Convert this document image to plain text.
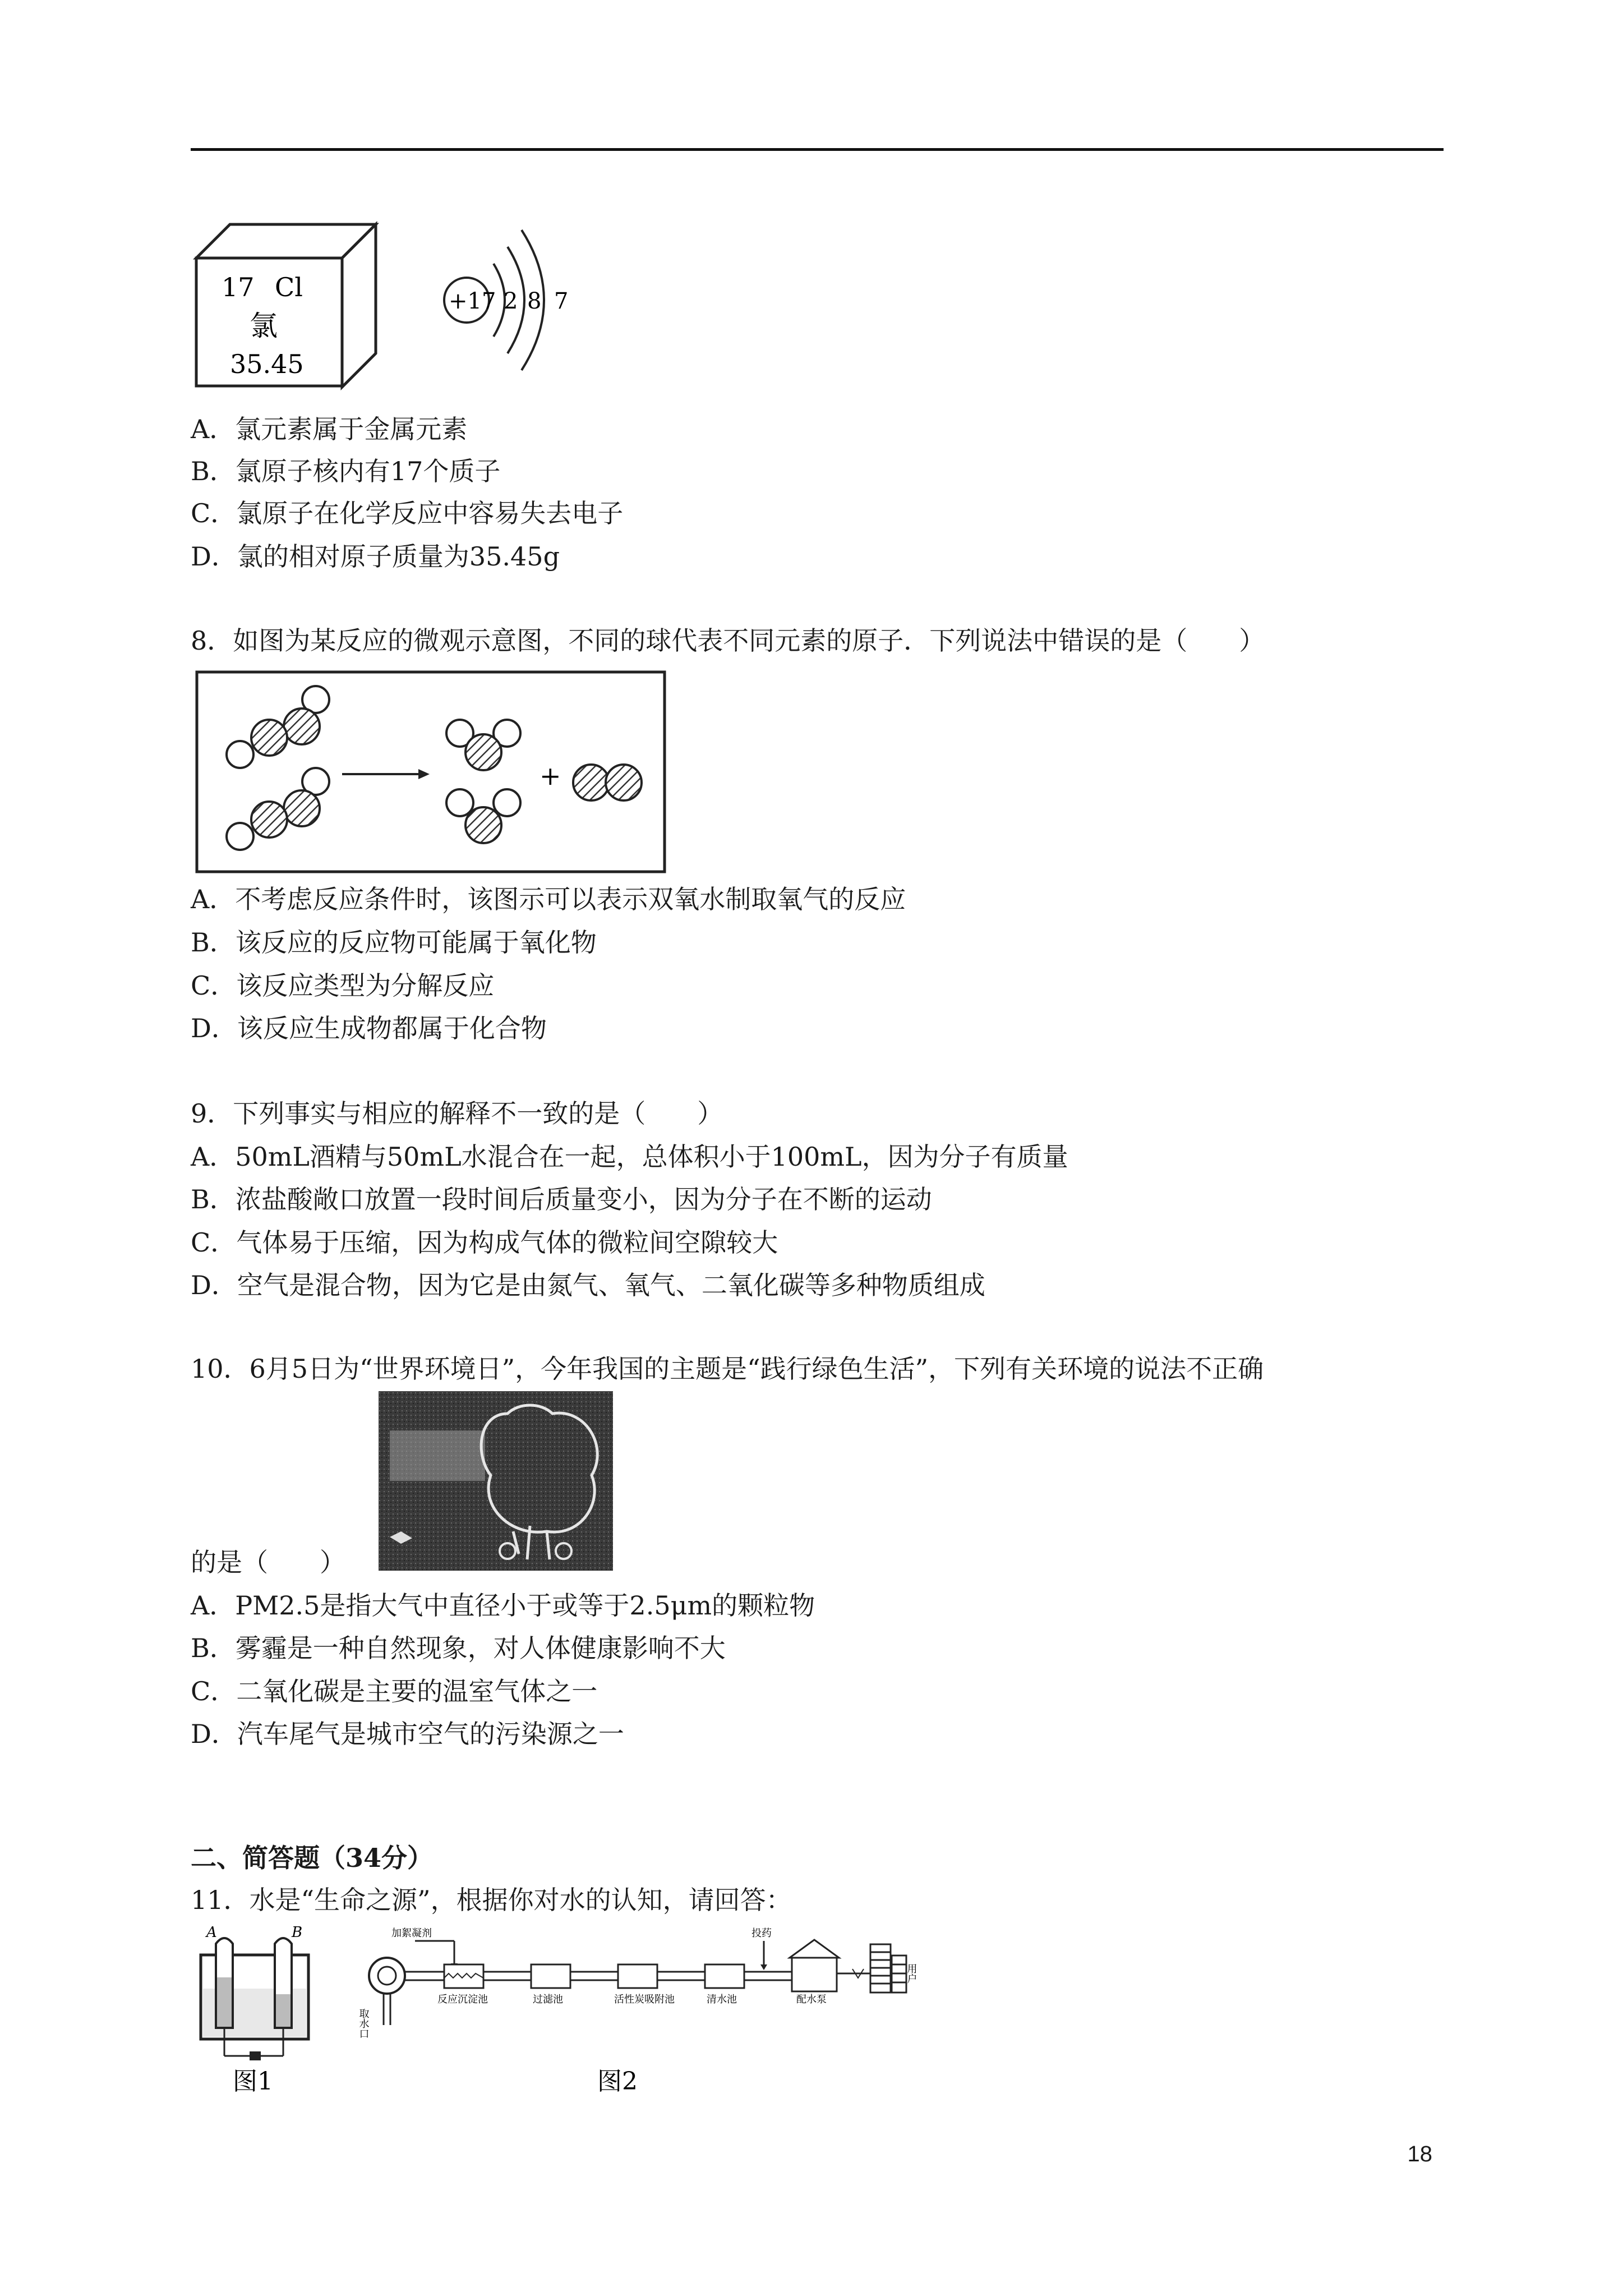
17 Cl
氯
35.45
+17 2 8 7
A．氯元素属于金属元素
B．氯原子核内有17个质子
C．氯原子在化学反应中容易失去电子
D．氯的相对原子质量为35.45g
8．如图为某反应的微观示意图，不同的球代表不同元素的原子．下列说法中错误的是（　　）
+
A．不考虑反应条件时，该图示可以表示双氧水制取氧气的反应
B．该反应的反应物可能属于氧化物
C．该反应类型为分解反应
D．该反应生成物都属于化合物
9．下列事实与相应的解释不一致的是（　　）
A．50mL酒精与50mL水混合在一起，总体积小于100mL，因为分子有质量
B．浓盐酸敞口放置一段时间后质量变小，因为分子在不断的运动
C．气体易于压缩，因为构成气体的微粒间空隙较大
D．空气是混合物，因为它是由氮气、氧气、二氧化碳等多种物质组成
10．6月5日为“世界环境日”，今年我国的主题是“践行绿色生活”，下列有关环境的说法不正确
的是（　　）
A．PM2.5是指大气中直径小于或等于2.5μm的颗粒物
B．雾霾是一种自然现象，对人体健康影响不大
C．二氧化碳是主要的温室气体之一
D．汽车尾气是城市空气的污染源之一
二、简答题（34分）
11．水是“生命之源”，根据你对水的认知，请回答：
A	B
图1
加絮凝剂
取水口
反应沉淀池	过滤池	活性炭吸附池	清水池
投药
配水泵
用户
图2
18
